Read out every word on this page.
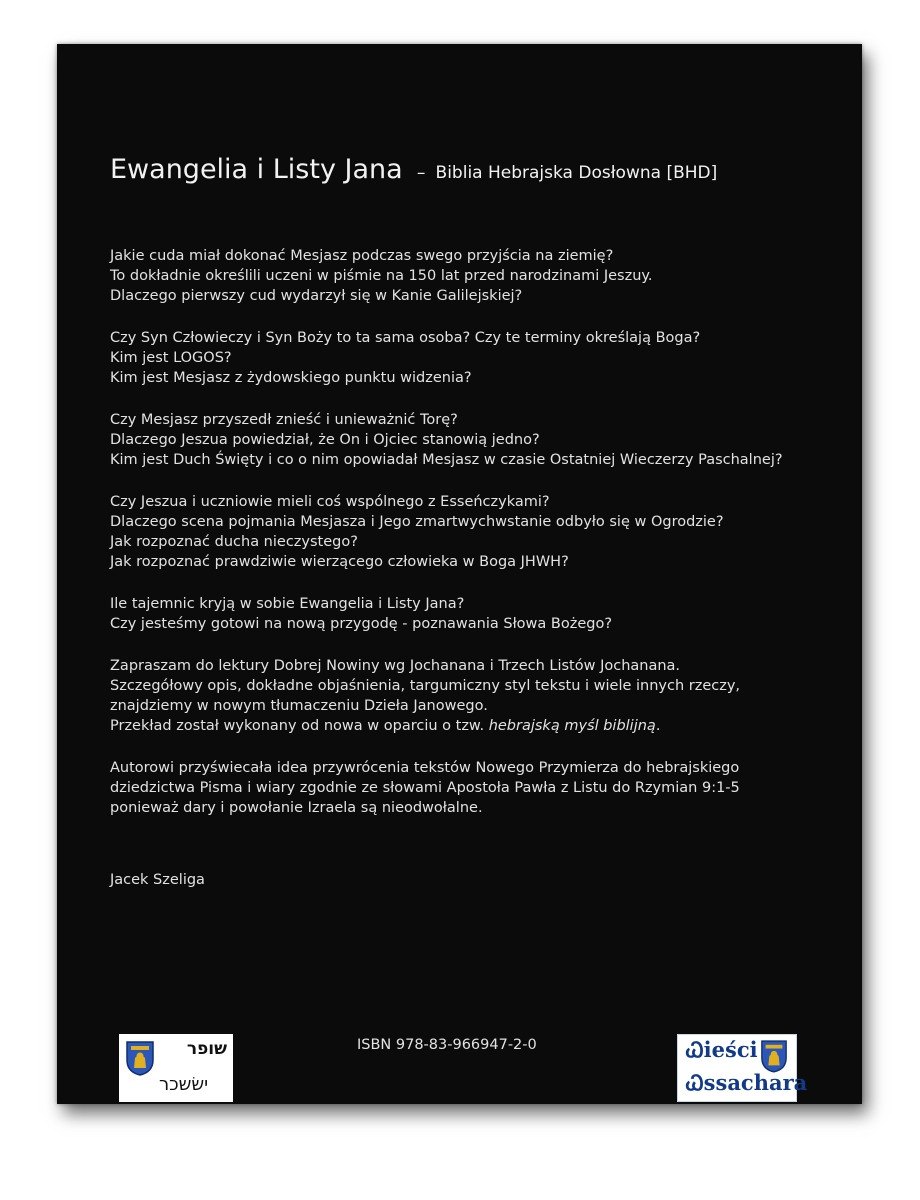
Ewangelia i Listy Jana – Biblia Hebrajska Dosłowna [BHD]

Jakie cuda miał dokonać Mesjasz podczas swego przyjścia na ziemię?
To dokładnie określili uczeni w piśmie na 150 lat przed narodzinami Jeszuy.
Dlaczego pierwszy cud wydarzył się w Kanie Galilejskiej?

Czy Syn Człowieczy i Syn Boży to ta sama osoba? Czy te terminy określają Boga?
Kim jest LOGOS?
Kim jest Mesjasz z żydowskiego punktu widzenia?

Czy Mesjasz przyszedł znieść i unieważnić Torę?
Dlaczego Jeszua powiedział, że On i Ojciec stanowią jedno?
Kim jest Duch Święty i co o nim opowiadał Mesjasz w czasie Ostatniej Wieczerzy Paschalnej?

Czy Jeszua i uczniowie mieli coś wspólnego z Esseńczykami?
Dlaczego scena pojmania Mesjasza i Jego zmartwychwstanie odbyło się w Ogrodzie?
Jak rozpoznać ducha nieczystego?
Jak rozpoznać prawdziwie wierzącego człowieka w Boga JHWH?

Ile tajemnic kryją w sobie Ewangelia i Listy Jana?
Czy jesteśmy gotowi na nową przygodę - poznawania Słowa Bożego?

Zapraszam do lektury Dobrej Nowiny wg Jochanana i Trzech Listów Jochanana.
Szczegółowy opis, dokładne objaśnienia, targumiczny styl tekstu i wiele innych rzeczy,
znajdziemy w nowym tłumaczeniu Dzieła Janowego.
Przekład został wykonany od nowa w oparciu o tzw. hebrajską myśl biblijną.

Autorowi przyświecała idea przywrócenia tekstów Nowego Przymierza do hebrajskiego
dziedzictwa Pisma i wiary zgodnie ze słowami Apostoła Pawła z Listu do Rzymian 9:1-5
ponieważ dary i powołanie Izraela są nieodwołalne.

Jacek Szeliga
ISBN 978-83-966947-2-0
שופר
ישׂשכר
Ꮗieści
Ꮗssachara
